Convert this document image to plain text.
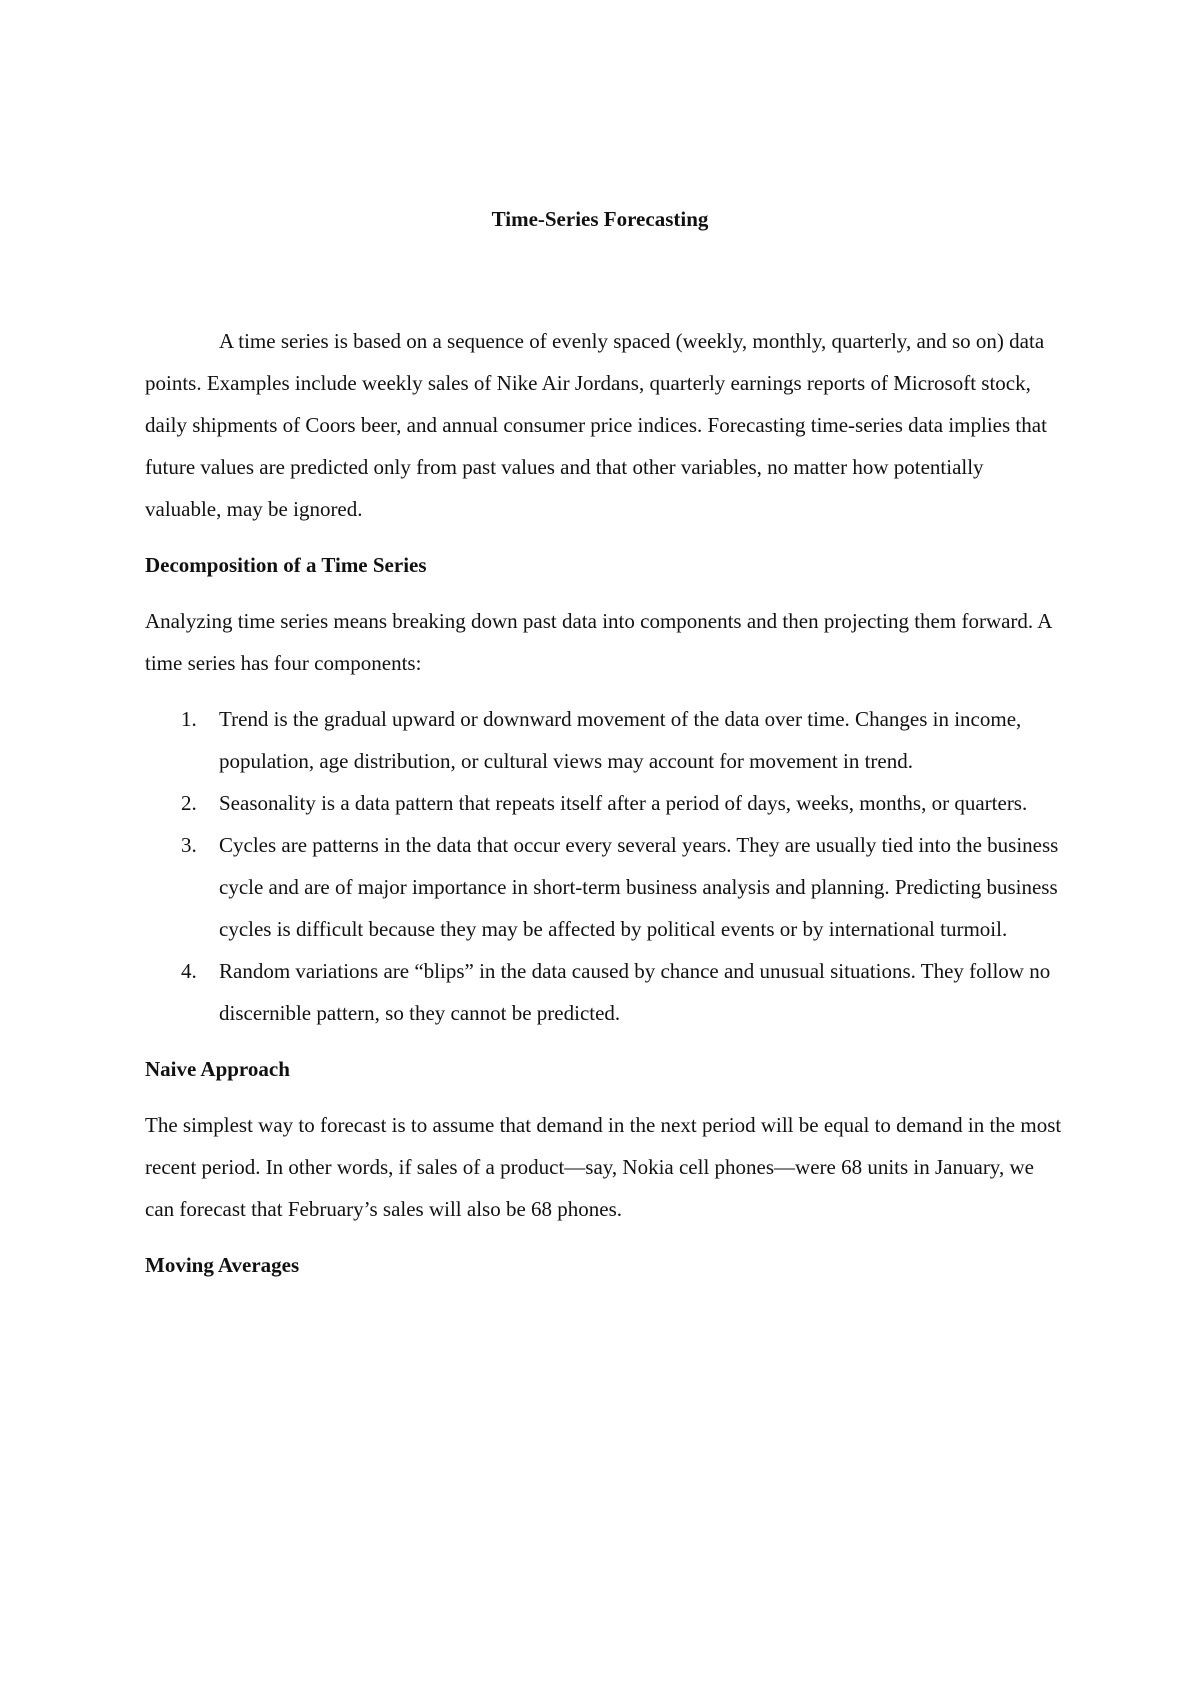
Time-Series Forecasting

A time series is based on a sequence of evenly spaced (weekly, monthly, quarterly, and so on) data points. Examples include weekly sales of Nike Air Jordans, quarterly earnings reports of Microsoft stock, daily shipments of Coors beer, and annual consumer price indices. Forecasting time-series data implies that future values are predicted only from past values and that other variables, no matter how potentially valuable, may be ignored.

Decomposition of a Time Series

Analyzing time series means breaking down past data into components and then projecting them forward. A time series has four components:

1. Trend is the gradual upward or downward movement of the data over time. Changes in income, population, age distribution, or cultural views may account for movement in trend.
2. Seasonality is a data pattern that repeats itself after a period of days, weeks, months, or quarters.
3. Cycles are patterns in the data that occur every several years. They are usually tied into the business cycle and are of major importance in short-term business analysis and planning. Predicting business cycles is difficult because they may be affected by political events or by international turmoil.
4. Random variations are “blips” in the data caused by chance and unusual situations. They follow no discernible pattern, so they cannot be predicted.

Naive Approach

The simplest way to forecast is to assume that demand in the next period will be equal to demand in the most recent period. In other words, if sales of a product—say, Nokia cell phones—were 68 units in January, we can forecast that February’s sales will also be 68 phones.

Moving Averages
